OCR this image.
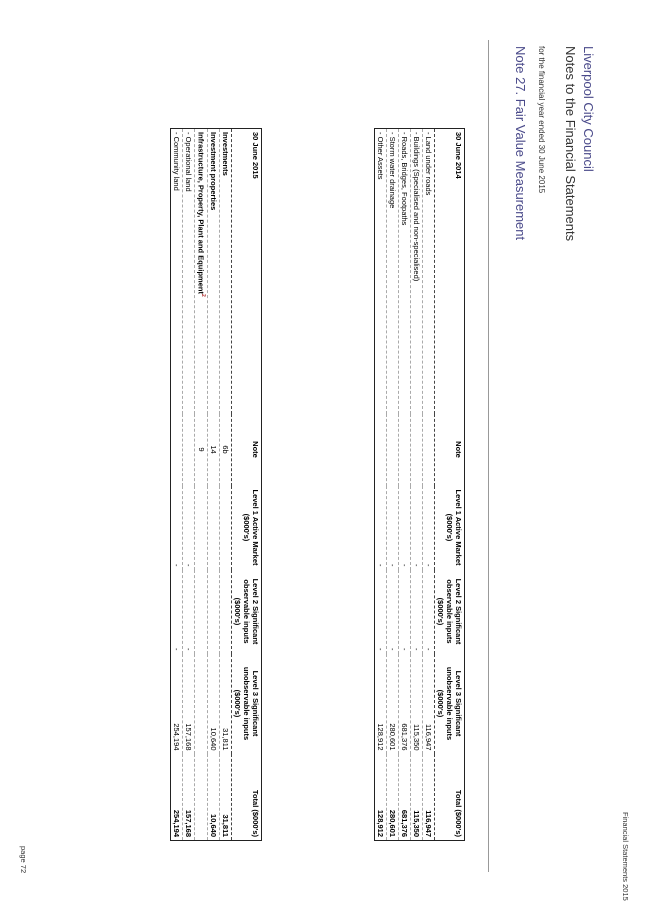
Liverpool City Council
Notes to the Financial Statements
for the financial year ended 30 June 2015
Note 27. Fair Value Measurement
Financial Statements 2015
page 72
30 June 2014	Note	Level 1 Active Market ($000's)	Level 2 Significant observable inputs ($000's)	Level 3 Significant unobservable inputs ($000's)	Total ($000's)
- Land under roads		-	-	116,947	116,947
- Buildings (Specialised and non-specialised)		-	-	115,350	115,350
- Roads, Bridges, Footpaths		-	-	681,376	681,376
- Storm water drainage		-	-	280,601	280,601
- Other Assets		-	-	128,912	128,912
30 June 2015	Note	Level 1 Active Market ($000's)	Level 2 Significant observable inputs ($000's)	Level 3 Significant unobservable inputs ($000's)	Total ($000's)
Investments	6b			31,811	31,811
Investment properties	14			10,640	10,640
Infrastructure, Property, Plant and Equipment$^2$	9				
- Operational land		-	-	157,168	157,168
- Community land		-	-	254,194	254,194
